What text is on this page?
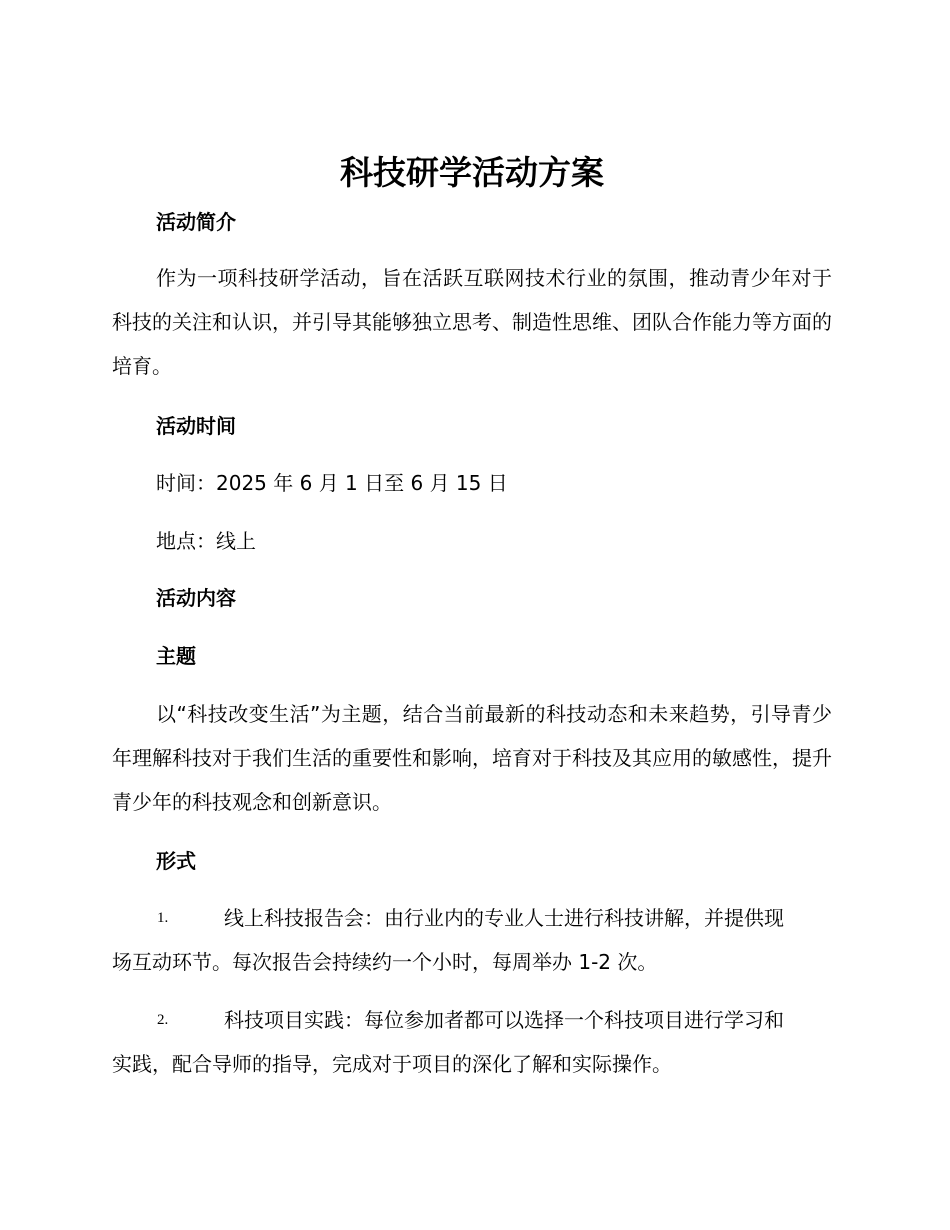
科技研学活动方案
活动简介

作为一项科技研学活动，旨在活跃互联网技术行业的氛围，推动青少年对于科技的关注和认识，并引导其能够独立思考、制造性思维、团队合作能力等方面的培育。

活动时间

时间：2025 年 6 月 1 日至 6 月 15 日

地点：线上

活动内容
主题

以“科技改变生活”为主题，结合当前最新的科技动态和未来趋势，引导青少年理解科技对于我们生活的重要性和影响，培育对于科技及其应用的敏感性，提升青少年的科技观念和创新意识。

形式
1.	线上科技报告会：由行业内的专业人士进行科技讲解，并提供现
场互动环节。每次报告会持续约一个小时，每周举办 1-2 次。
2.	科技项目实践：每位参加者都可以选择一个科技项目进行学习和
实践，配合导师的指导，完成对于项目的深化了解和实际操作。
